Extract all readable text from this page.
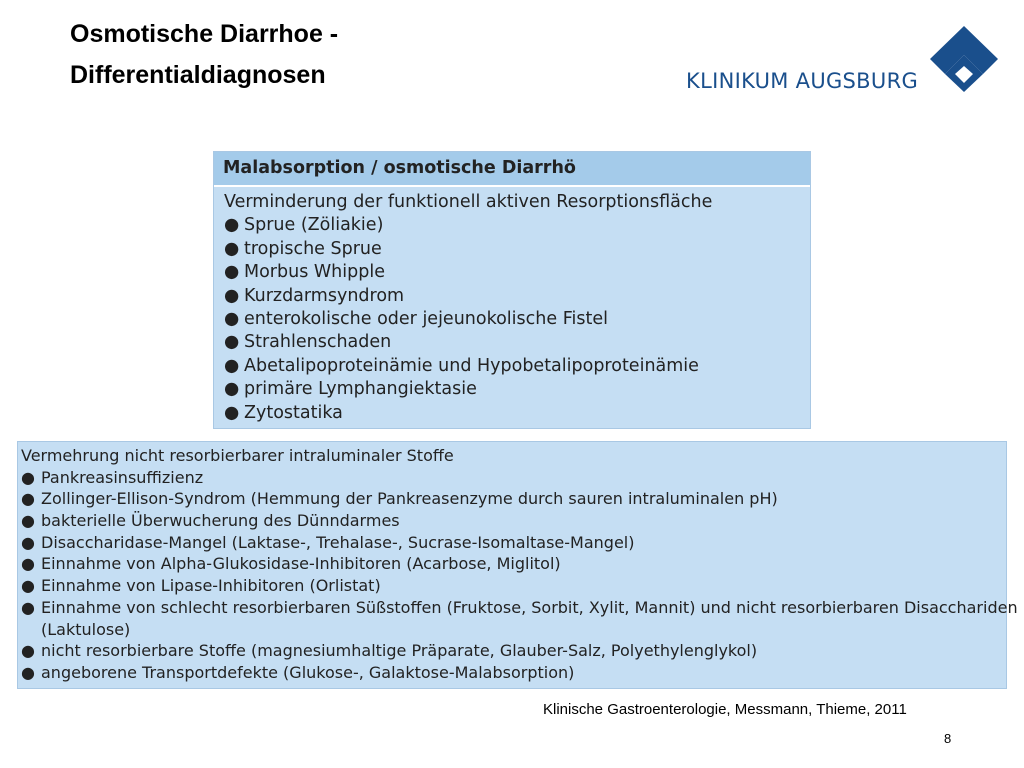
Osmotische Diarrhoe -
Differentialdiagnosen	KLINIKUM AUGSBURG
Malabsorption / osmotische Diarrhö
Verminderung der funktionell aktiven Resorptionsfläche
● Sprue (Zöliakie)
● tropische Sprue
● Morbus Whipple
● Kurzdarmsyndrom
● enterokolische oder jejeunokolische Fistel
● Strahlenschaden
● Abetalipoproteinämie und Hypobetalipoproteinämie
● primäre Lymphangiektasie
● Zytostatika
Vermehrung nicht resorbierbarer intraluminaler Stoffe
● Pankreasinsuffizienz
● Zollinger-Ellison-Syndrom (Hemmung der Pankreasenzyme durch sauren intraluminalen pH)
● bakterielle Überwucherung des Dünndarmes
● Disaccharidase-Mangel (Laktase-, Trehalase-, Sucrase-Isomaltase-Mangel)
● Einnahme von Alpha-Glukosidase-Inhibitoren (Acarbose, Miglitol)
● Einnahme von Lipase-Inhibitoren (Orlistat)
● Einnahme von schlecht resorbierbaren Süßstoffen (Fruktose, Sorbit, Xylit, Mannit) und nicht resorbierbaren Disacchariden
(Laktulose)
● nicht resorbierbare Stoffe (magnesiumhaltige Präparate, Glauber-Salz, Polyethylenglykol)
● angeborene Transportdefekte (Glukose-, Galaktose-Malabsorption)
Klinische Gastroenterologie, Messmann, Thieme, 2011
8
